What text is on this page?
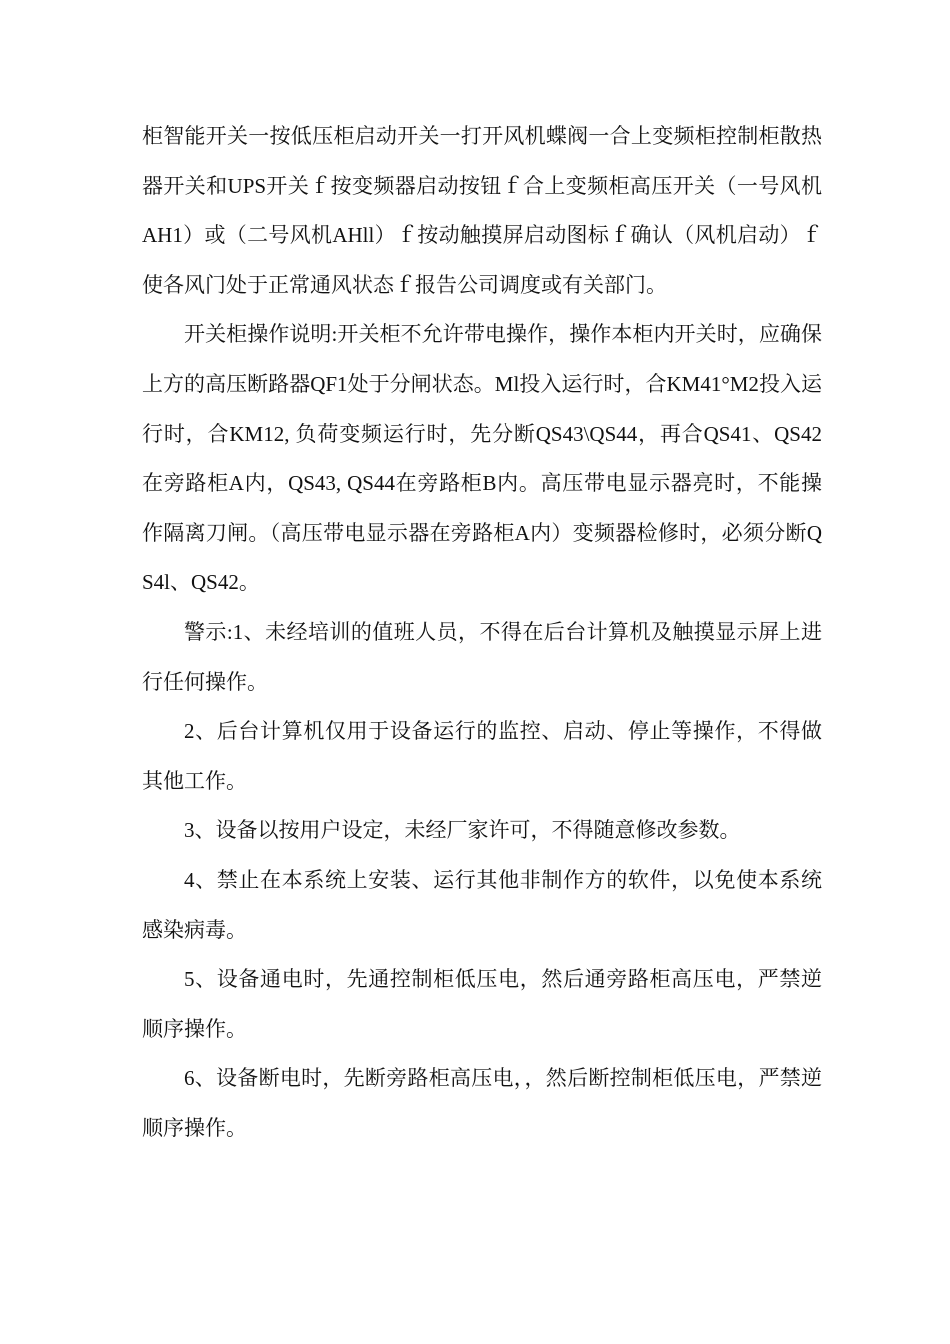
柜智能开关一按低压柜启动开关一打开风机蝶阀一合上变频柜控制柜散热器开关和UPS开关ｆ按变频器启动按钮ｆ合上变频柜高压开关（一号风机AH1）或（二号风机AHll）ｆ按动触摸屏启动图标ｆ确认（风机启动）ｆ使各风门处于正常通风状态ｆ报告公司调度或有关部门。

开关柜操作说明:开关柜不允许带电操作，操作本柜内开关时，应确保上方的高压断路器QF1处于分闸状态。Ml投入运行时，合KM41°M2投入运行时，合KM12, 负荷变频运行时，先分断QS43\QS44，再合QS41、QS42在旁路柜A内，QS43, QS44在旁路柜B内。高压带电显示器亮时，不能操作隔离刀闸。（高压带电显示器在旁路柜A内）变频器检修时，必须分断QS4l、QS42。

警示:1、未经培训的值班人员，不得在后台计算机及触摸显示屏上进行任何操作。

2、后台计算机仅用于设备运行的监控、启动、停止等操作，不得做其他工作。

3、设备以按用户设定，未经厂家许可，不得随意修改参数。

4、禁止在本系统上安装、运行其他非制作方的软件，以免使本系统感染病毒。

5、设备通电时，先通控制柜低压电，然后通旁路柜高压电，严禁逆顺序操作。

6、设备断电时，先断旁路柜高压电，，然后断控制柜低压电，严禁逆顺序操作。
